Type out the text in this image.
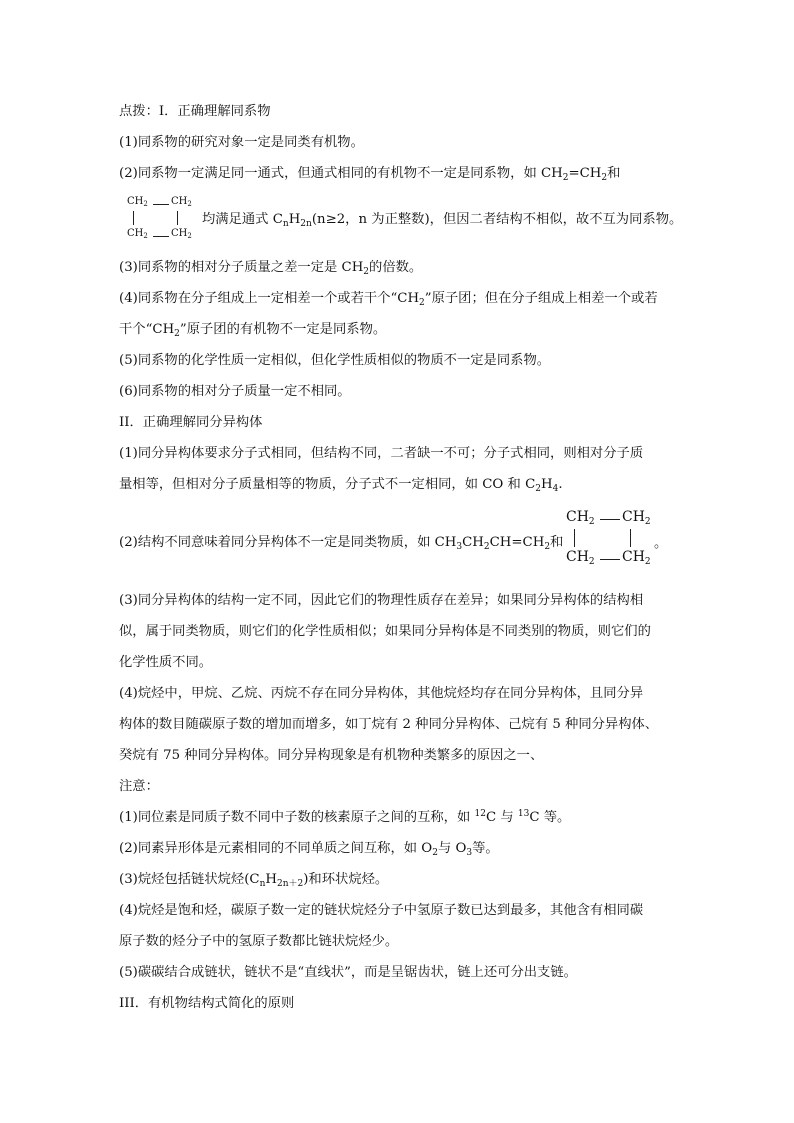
点拨：I．正确理解同系物
(1)同系物的研究对象一定是同类有机物。
(2)同系物一定满足同一通式，但通式相同的有机物不一定是同系物，如 $CH_2=CH_2$和
$CH_2$ $CH_2$
$CH_2$ $CH_2$
均满足通式 $C_nH_{2n}(n\ge 2$，n 为正整数)，但因二者结构不相似，故不互为同系物。
(3)同系物的相对分子质量之差一定是 $CH_2$的倍数。
(4)同系物在分子组成上一定相差一个或若干个“$CH_2$”原子团；但在分子组成上相差一个或若
干个“$CH_2$”原子团的有机物不一定是同系物。
(5)同系物的化学性质一定相似，但化学性质相似的物质不一定是同系物。
(6)同系物的相对分子质量一定不相同。
II．正确理解同分异构体
(1)同分异构体要求分子式相同，但结构不同，二者缺一不可；分子式相同，则相对分子质
量相等，但相对分子质量相等的物质，分子式不一定相同，如 CO 和 $C_2H_4$.
(2)结构不同意味着同分异构体不一定是同类物质，如 $CH_3CH_2CH=CH_2$和
$CH_2$ $CH_2$
$CH_2$ $CH_2$
。
(3)同分异构体的结构一定不同，因此它们的物理性质存在差异；如果同分异构体的结构相
似，属于同类物质，则它们的化学性质相似；如果同分异构体是不同类别的物质，则它们的
化学性质不同。
(4)烷烃中，甲烷、乙烷、丙烷不存在同分异构体，其他烷烃均存在同分异构体，且同分异
构体的数目随碳原子数的增加而增多，如丁烷有 2 种同分异构体、己烷有 5 种同分异构体、
癸烷有 75 种同分异构体。同分异构现象是有机物种类繁多的原因之一、
注意：
(1)同位素是同质子数不同中子数的核素原子之间的互称，如 $^{12}$C 与 $^{13}$C 等。
(2)同素异形体是元素相同的不同单质之间互称，如 $O_2$与 $O_3$等。
(3)烷烃包括链状烷烃$(C_nH_{2n+2})$和环状烷烃。
(4)烷烃是饱和烃，碳原子数一定的链状烷烃分子中氢原子数已达到最多，其他含有相同碳
原子数的烃分子中的氢原子数都比链状烷烃少。
(5)碳碳结合成链状，链状不是“直线状”，而是呈锯齿状，链上还可分出支链。
III．有机物结构式简化的原则
